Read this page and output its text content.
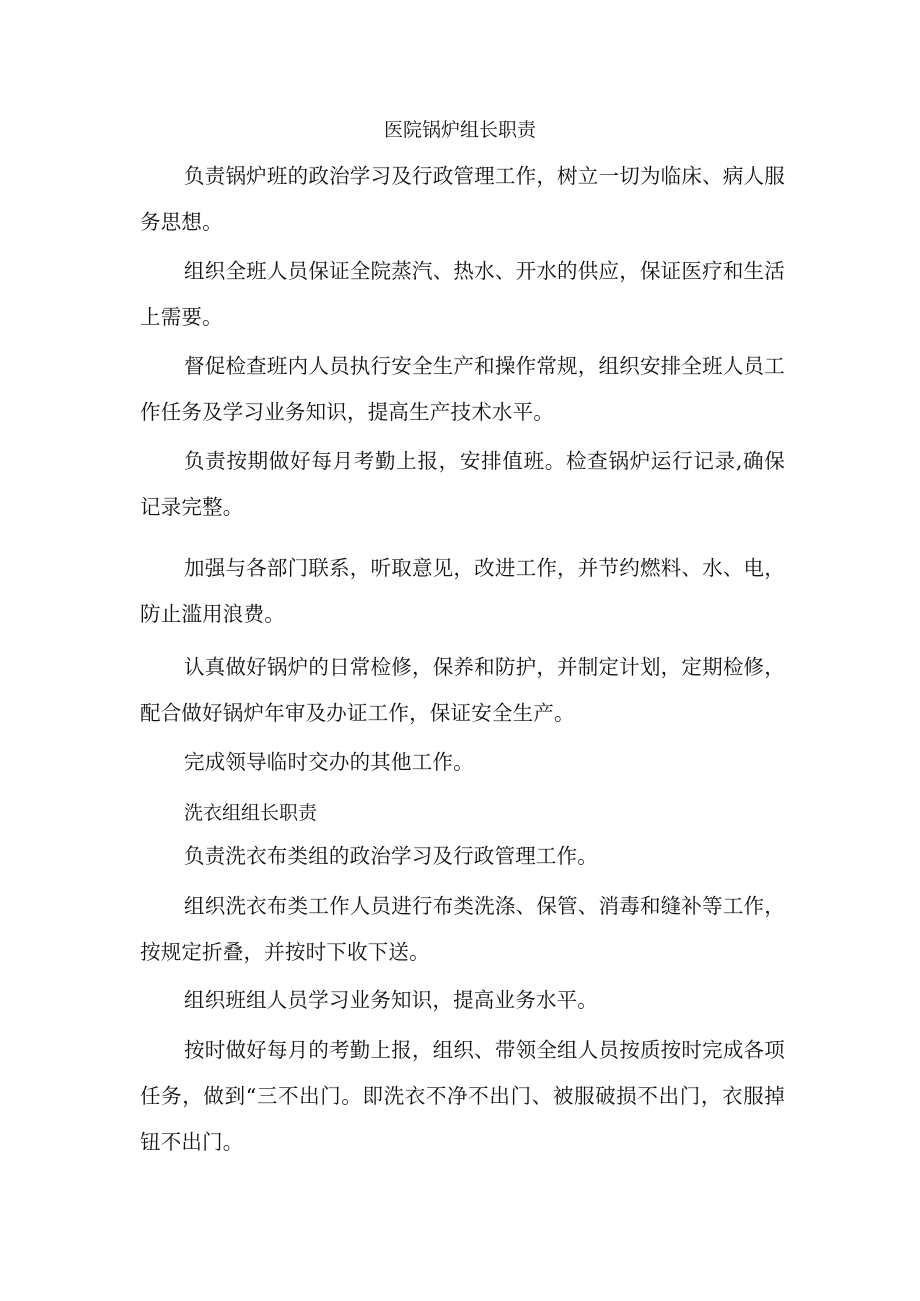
医院锅炉组长职责

负责锅炉班的政治学习及行政管理工作，树立一切为临床、病人服务思想。

组织全班人员保证全院蒸汽、热水、开水的供应，保证医疗和生活上需要。

督促检查班内人员执行安全生产和操作常规，组织安排全班人员工作任务及学习业务知识，提高生产技术水平。

负责按期做好每月考勤上报，安排值班。检查锅炉运行记录,确保记录完整。

加强与各部门联系，听取意见，改进工作，并节约燃料、水、电，防止滥用浪费。

认真做好锅炉的日常检修，保养和防护，并制定计划，定期检修，配合做好锅炉年审及办证工作，保证安全生产。

完成领导临时交办的其他工作。

洗衣组组长职责

负责洗衣布类组的政治学习及行政管理工作。

组织洗衣布类工作人员进行布类洗涤、保管、消毒和缝补等工作，按规定折叠，并按时下收下送。

组织班组人员学习业务知识，提高业务水平。

按时做好每月的考勤上报，组织、带领全组人员按质按时完成各项任务，做到“三不出门。即洗衣不净不出门、被服破损不出门，衣服掉钮不出门。
